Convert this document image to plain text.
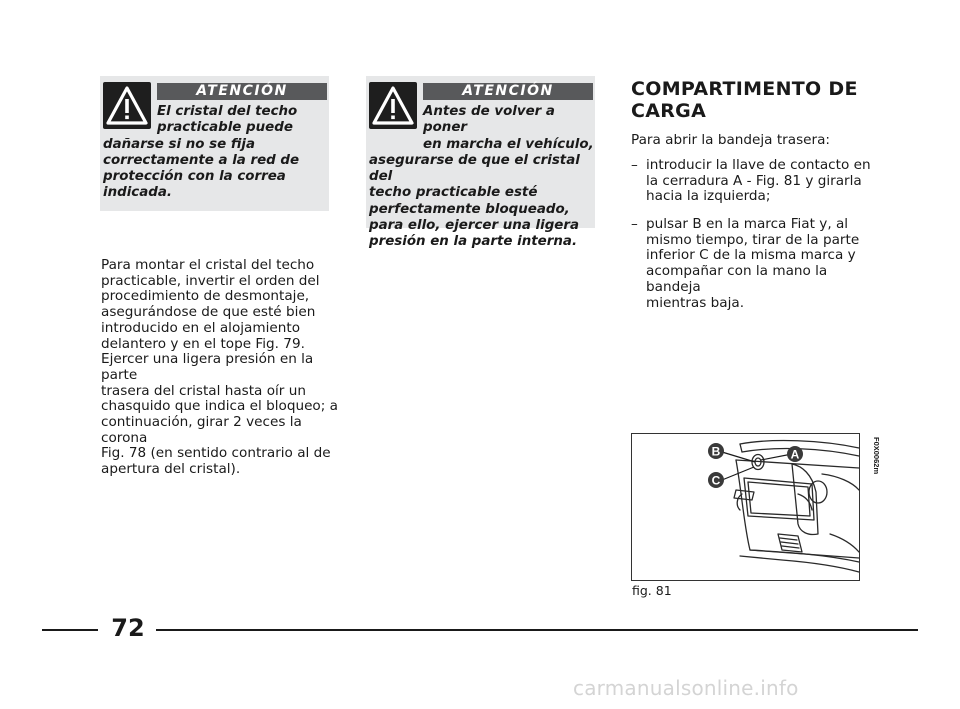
ATENCIÓN
El cristal del techo
practicable puede
dañarse si no se fija
correctamente a la red de
protección con la correa
indicada.
ATENCIÓN
Antes de volver a poner
en marcha el vehículo,
asegurarse de que el cristal del
techo practicable esté
perfectamente bloqueado,
para ello, ejercer una ligera
presión en la parte interna.
Para montar el cristal del techo
practicable, invertir el orden del
procedimiento de desmontaje,
asegurándose de que esté bien
introducido en el alojamiento
delantero y en el tope Fig. 79.
Ejercer una ligera presión en la parte
trasera del cristal hasta oír un
chasquido que indica el bloqueo; a
continuación, girar 2 veces la corona
Fig. 78 (en sentido contrario al de
apertura del cristal).
COMPARTIMENTO DE
CARGA
Para abrir la bandeja trasera:
– introducir la llave de contacto en
la cerradura A - Fig. 81 y girarla
hacia la izquierda;
– pulsar B en la marca Fiat y, al
mismo tiempo, tirar de la parte
inferior C de la misma marca y
acompañar con la mano la bandeja
mientras baja.
B	A
C
F0X0062m
fig. 81
72
carmanualsonline.info
